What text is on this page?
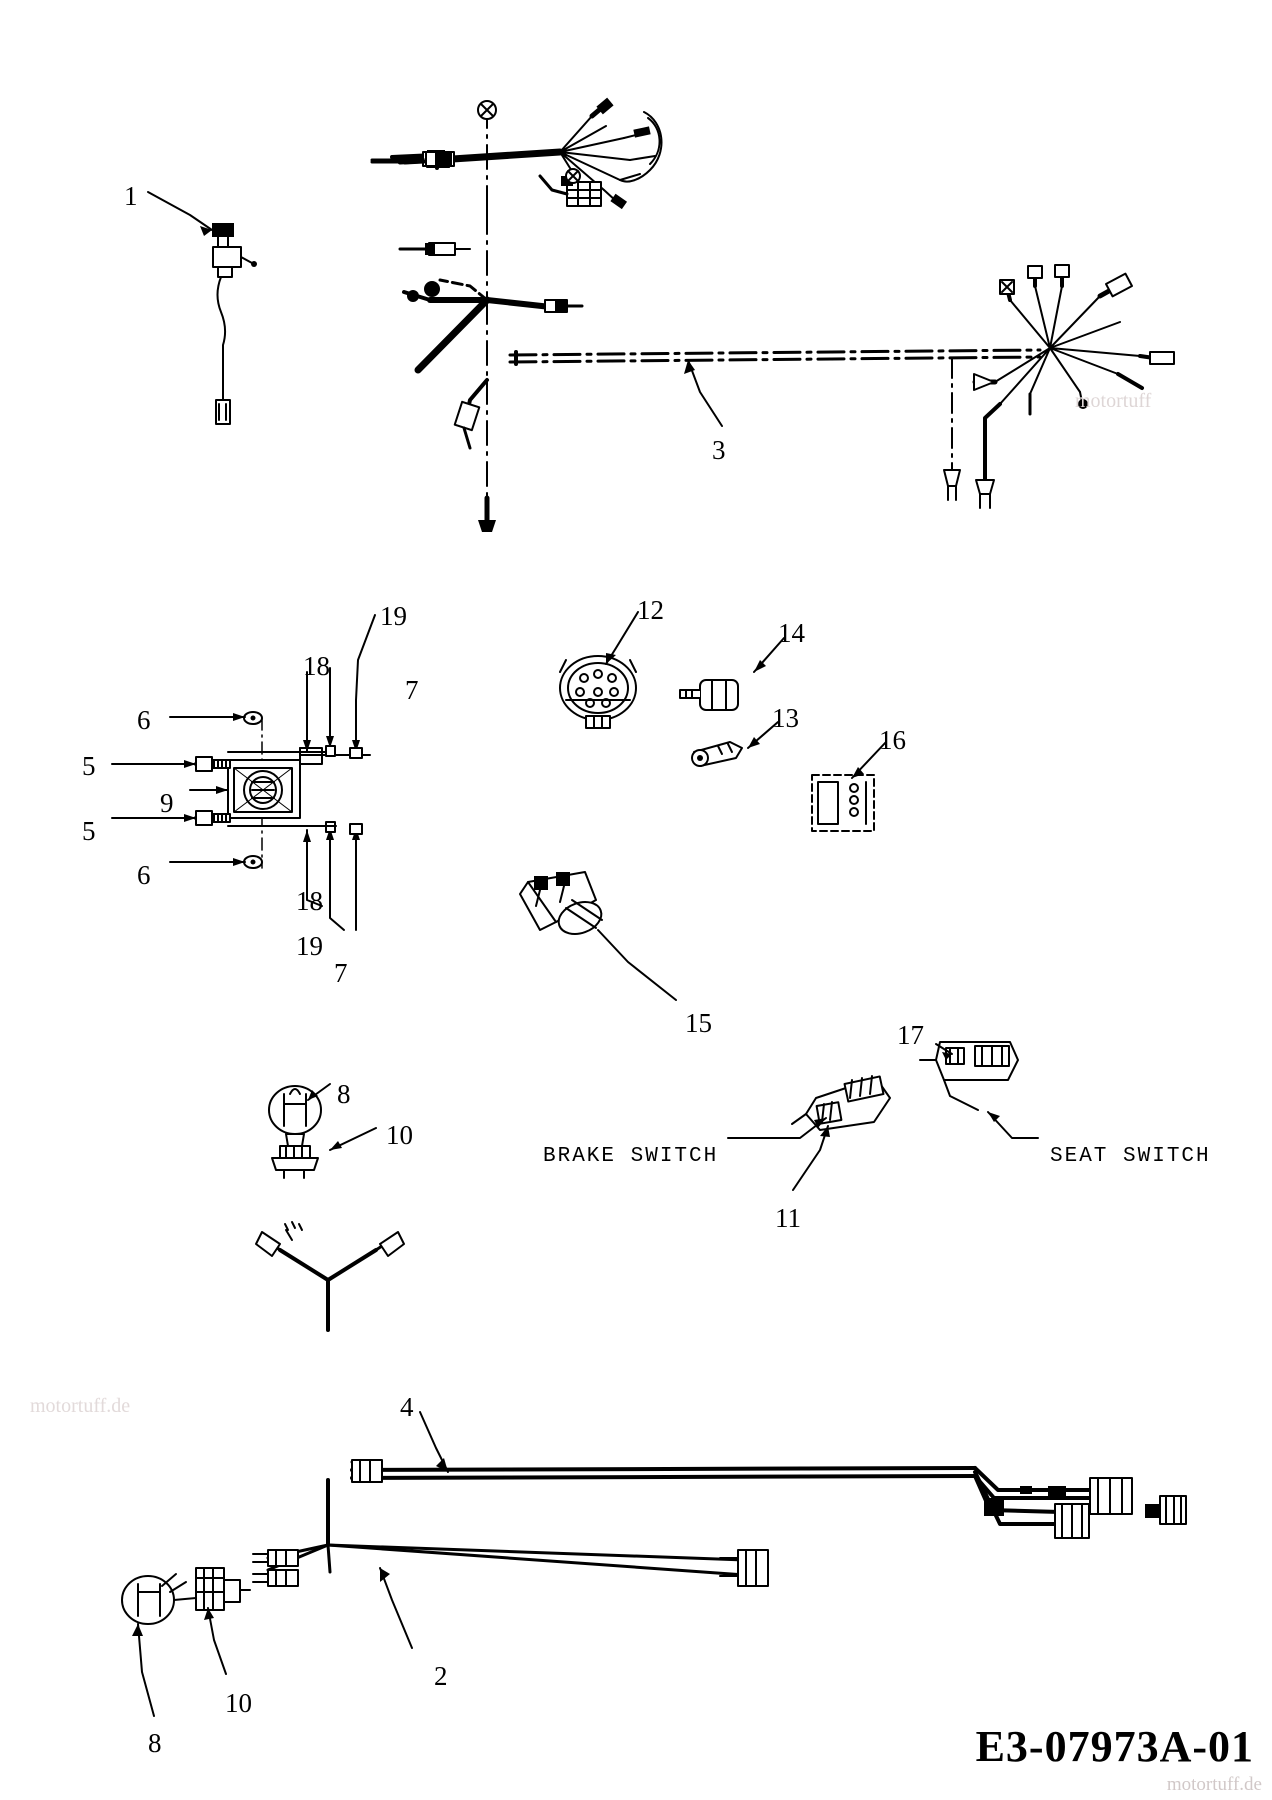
1
3
19
18
7
6
5
9
5
6
18
19
7
12
14
13
16
15	17
8
10
11
4
2
10
8
BRAKE SWITCH	SEAT SWITCH
E3-07973A-01
motortuff.de
motortuff
motortuff.de
